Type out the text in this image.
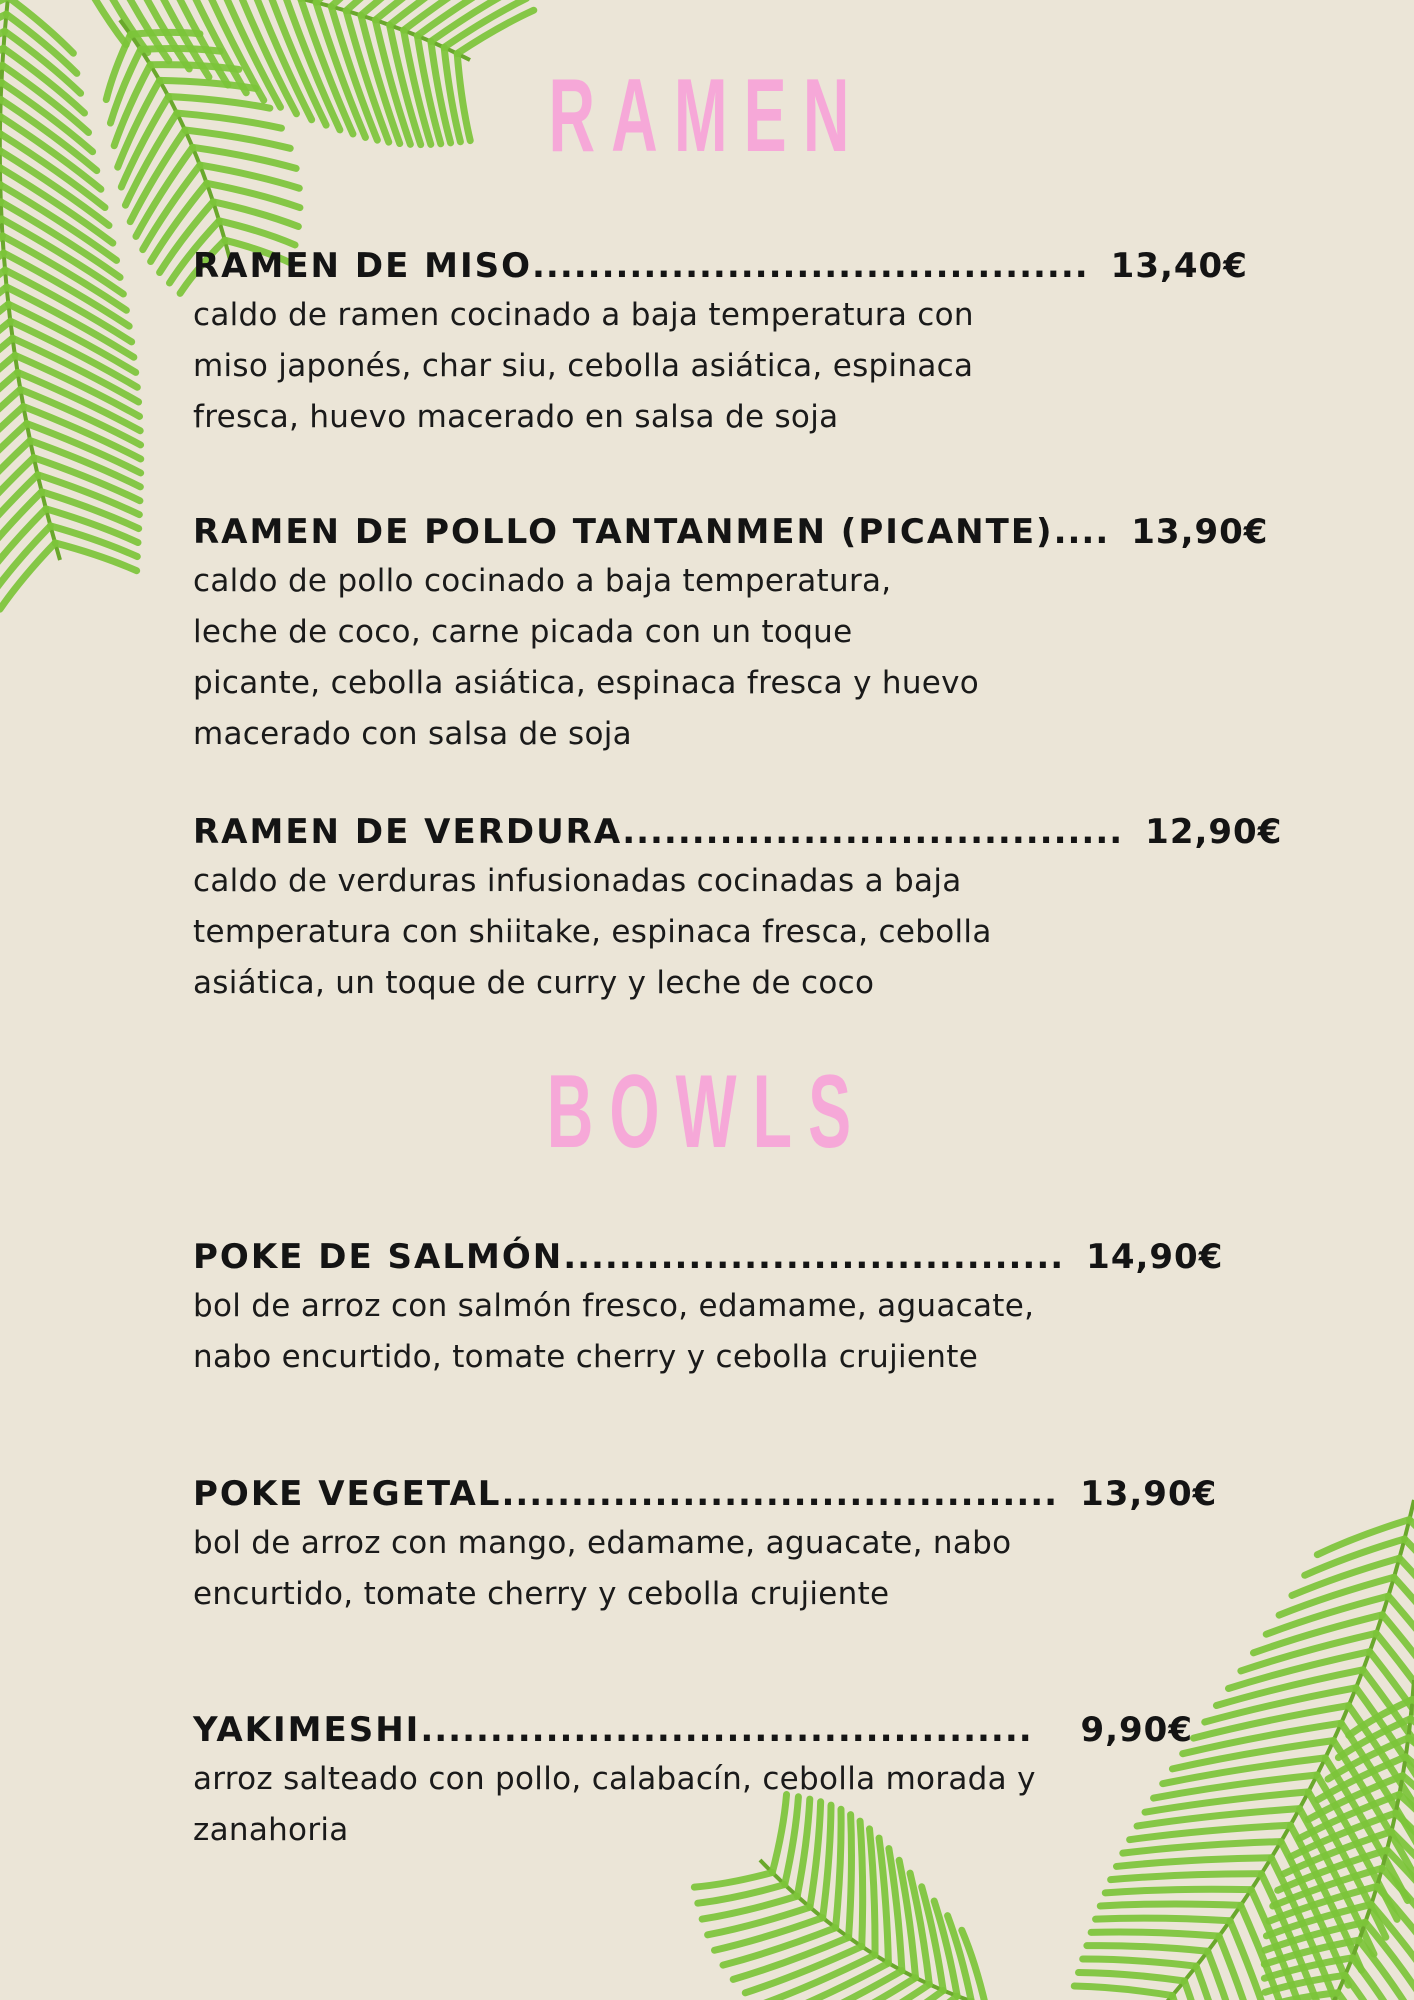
RAMEN
RAMEN DE MISO ........................................ 13,40€
caldo de ramen cocinado a baja temperatura con
miso japonés, char siu, cebolla asiática, espinaca
fresca, huevo macerado en salsa de soja
RAMEN DE POLLO TANTANMEN (PICANTE) .... 13,90€
caldo de pollo cocinado a baja temperatura,
leche de coco, carne picada con un toque
picante, cebolla asiática, espinaca fresca y huevo
macerado con salsa de soja
RAMEN DE VERDURA .................................... 12,90€
caldo de verduras infusionadas cocinadas a baja
temperatura con shiitake, espinaca fresca, cebolla
asiática, un toque de curry y leche de coco
BOWLS
POKE DE SALMÓN .................................... 14,90€
bol de arroz con salmón fresco, edamame, aguacate,
nabo encurtido, tomate cherry y cebolla crujiente
POKE VEGETAL ........................................ 13,90€
bol de arroz con mango, edamame, aguacate, nabo
encurtido, tomate cherry y cebolla crujiente
YAKIMESHI ............................................	9,90€
arroz salteado con pollo, calabacín, cebolla morada y
zanahoria
